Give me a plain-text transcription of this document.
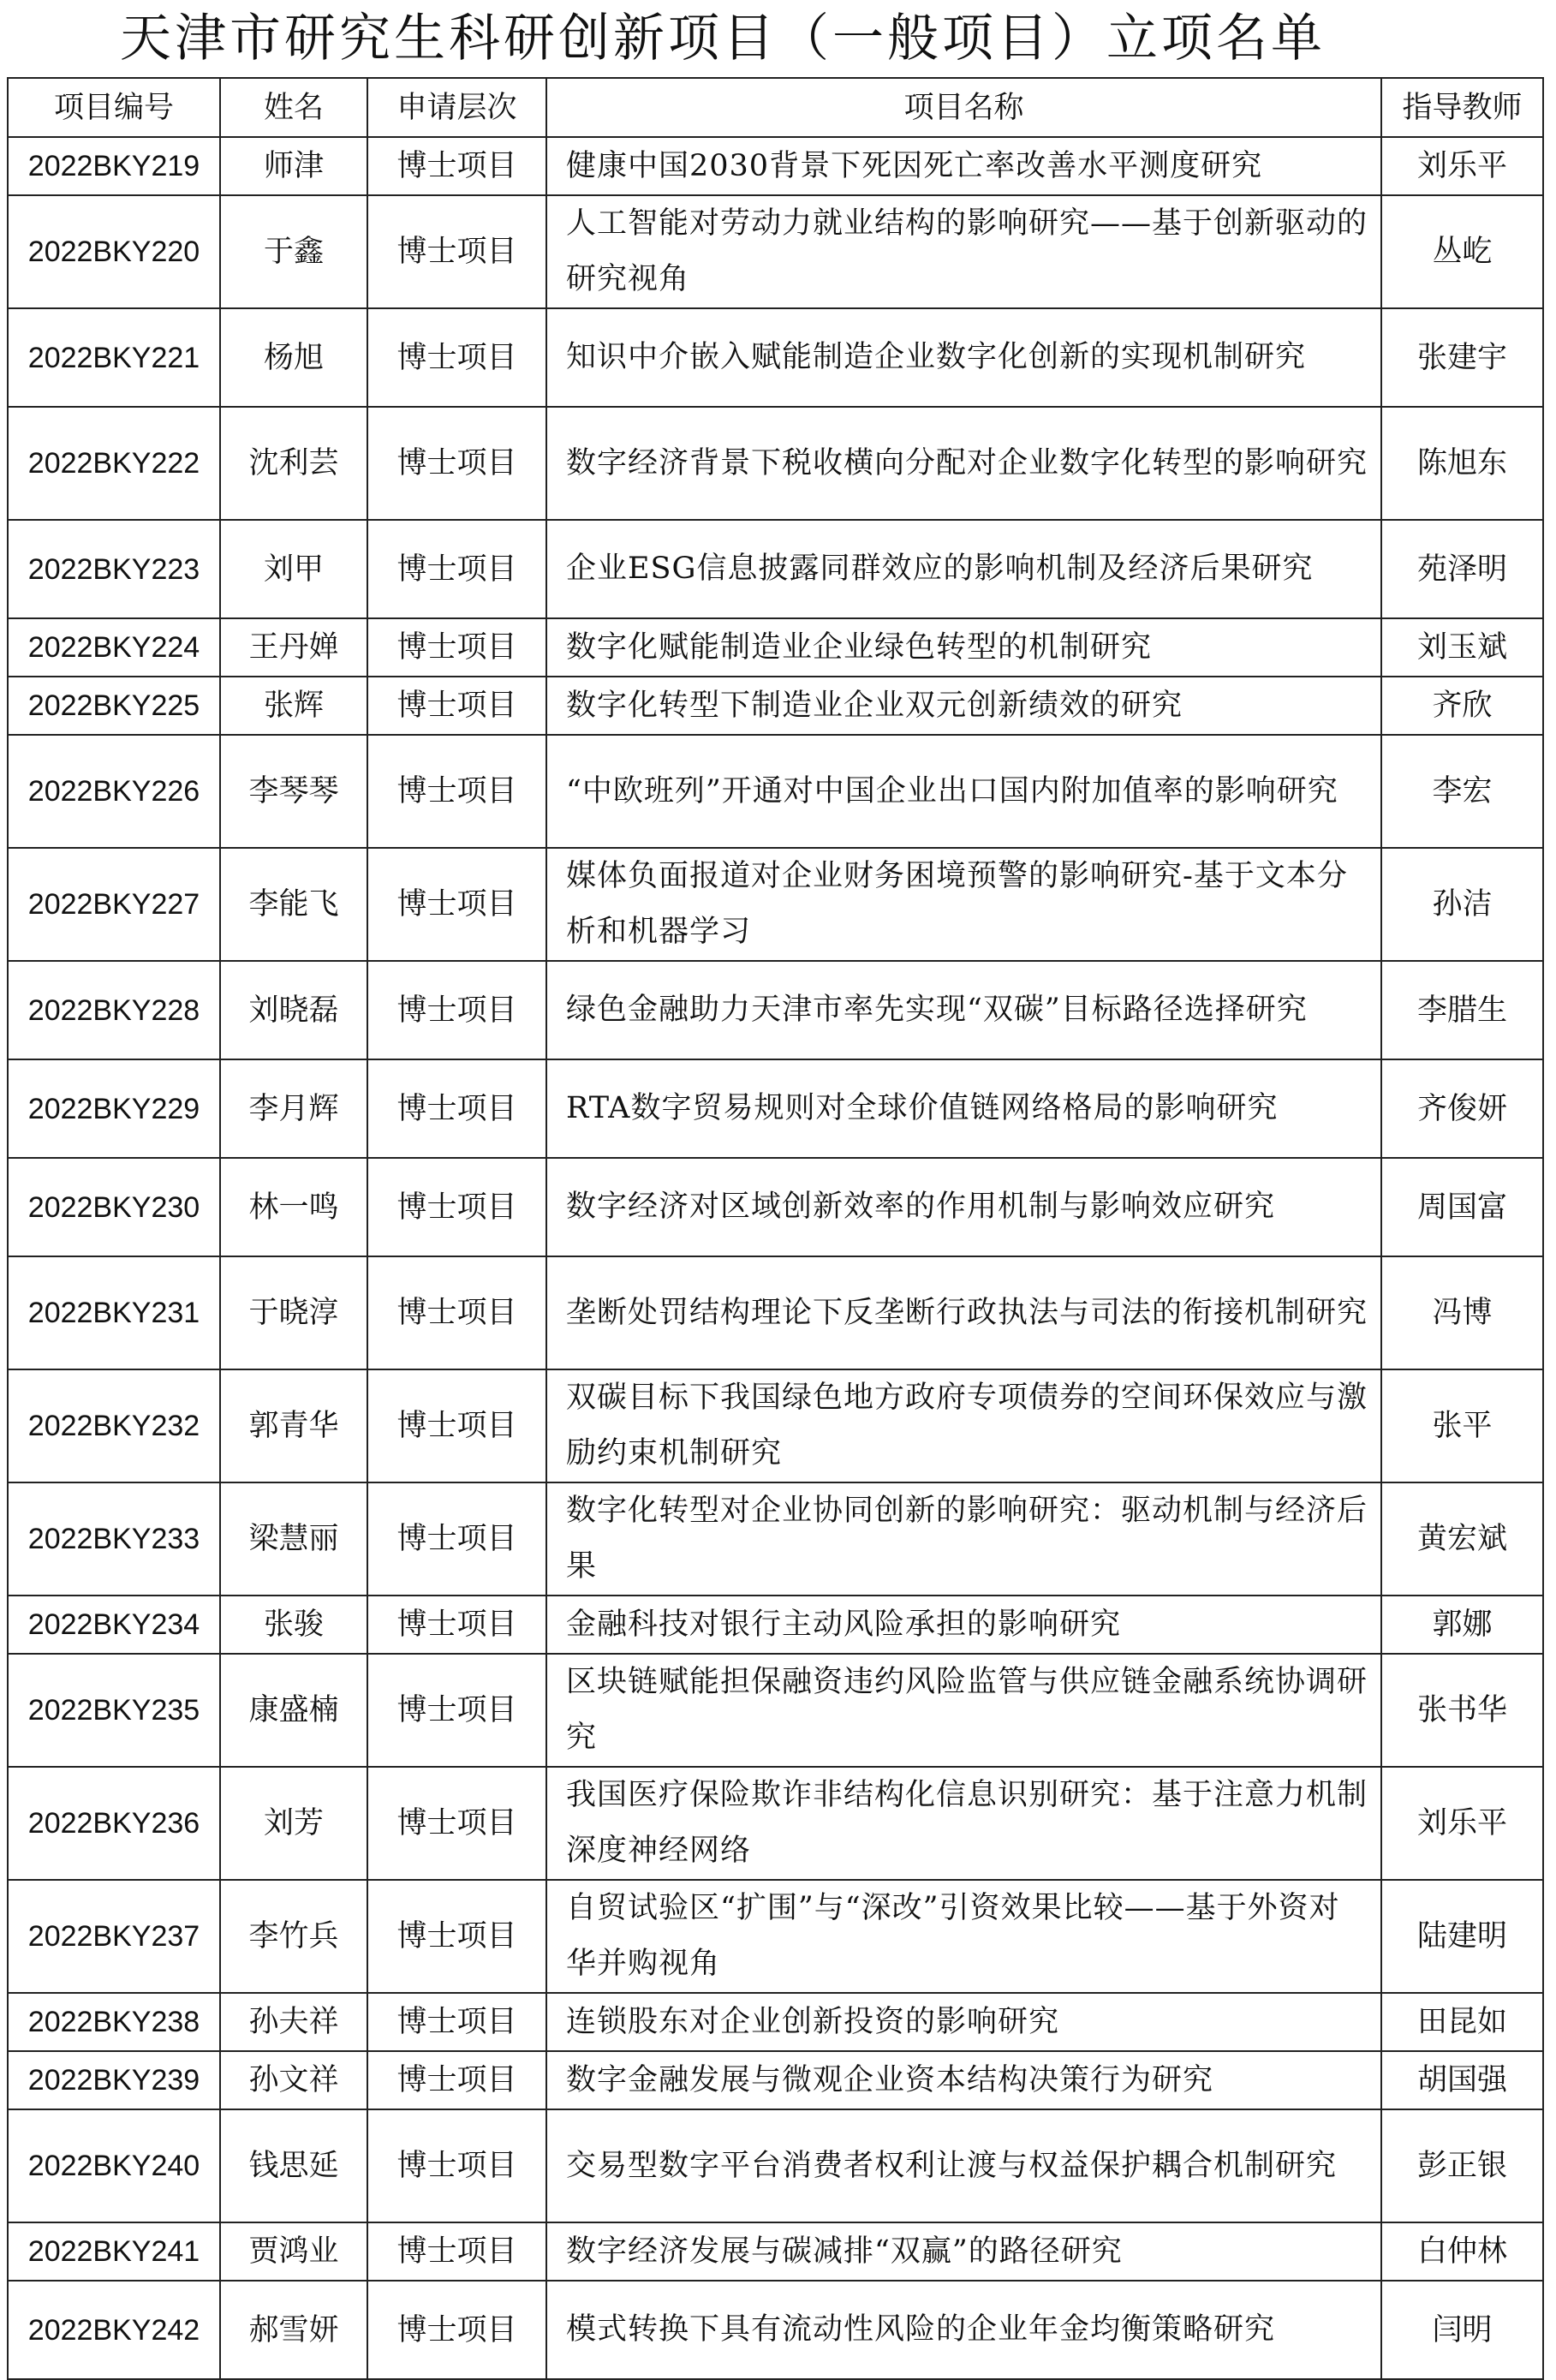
天津市研究生科研创新项目（一般项目）立项名单
项目编号	姓名	申请层次	项目名称	指导教师
2022BKY219	师津	博士项目	健康中国2030背景下死因死亡率改善水平测度研究	刘乐平
2022BKY220	于鑫	博士项目	人工智能对劳动力就业结构的影响研究——基于创新驱动的研究视角	丛屹
2022BKY221	杨旭	博士项目	知识中介嵌入赋能制造企业数字化创新的实现机制研究	张建宇
2022BKY222	沈利芸	博士项目	数字经济背景下税收横向分配对企业数字化转型的影响研究	陈旭东
2022BKY223	刘甲	博士项目	企业ESG信息披露同群效应的影响机制及经济后果研究	苑泽明
2022BKY224	王丹婵	博士项目	数字化赋能制造业企业绿色转型的机制研究	刘玉斌
2022BKY225	张辉	博士项目	数字化转型下制造业企业双元创新绩效的研究	齐欣
2022BKY226	李琴琴	博士项目	“中欧班列”开通对中国企业出口国内附加值率的影响研究	李宏
2022BKY227	李能飞	博士项目	媒体负面报道对企业财务困境预警的影响研究-基于文本分析和机器学习	孙洁
2022BKY228	刘晓磊	博士项目	绿色金融助力天津市率先实现“双碳”目标路径选择研究	李腊生
2022BKY229	李月辉	博士项目	RTA数字贸易规则对全球价值链网络格局的影响研究	齐俊妍
2022BKY230	林一鸣	博士项目	数字经济对区域创新效率的作用机制与影响效应研究	周国富
2022BKY231	于晓淳	博士项目	垄断处罚结构理论下反垄断行政执法与司法的衔接机制研究	冯博
2022BKY232	郭青华	博士项目	双碳目标下我国绿色地方政府专项债券的空间环保效应与激励约束机制研究	张平
2022BKY233	梁慧丽	博士项目	数字化转型对企业协同创新的影响研究：驱动机制与经济后果	黄宏斌
2022BKY234	张骏	博士项目	金融科技对银行主动风险承担的影响研究	郭娜
2022BKY235	康盛楠	博士项目	区块链赋能担保融资违约风险监管与供应链金融系统协调研究	张书华
2022BKY236	刘芳	博士项目	我国医疗保险欺诈非结构化信息识别研究：基于注意力机制深度神经网络	刘乐平
2022BKY237	李竹兵	博士项目	自贸试验区“扩围”与“深改”引资效果比较——基于外资对华并购视角	陆建明
2022BKY238	孙夫祥	博士项目	连锁股东对企业创新投资的影响研究	田昆如
2022BKY239	孙文祥	博士项目	数字金融发展与微观企业资本结构决策行为研究	胡国强
2022BKY240	钱思延	博士项目	交易型数字平台消费者权利让渡与权益保护耦合机制研究	彭正银
2022BKY241	贾鸿业	博士项目	数字经济发展与碳减排“双赢”的路径研究	白仲林
2022BKY242	郝雪妍	博士项目	模式转换下具有流动性风险的企业年金均衡策略研究	闫明
